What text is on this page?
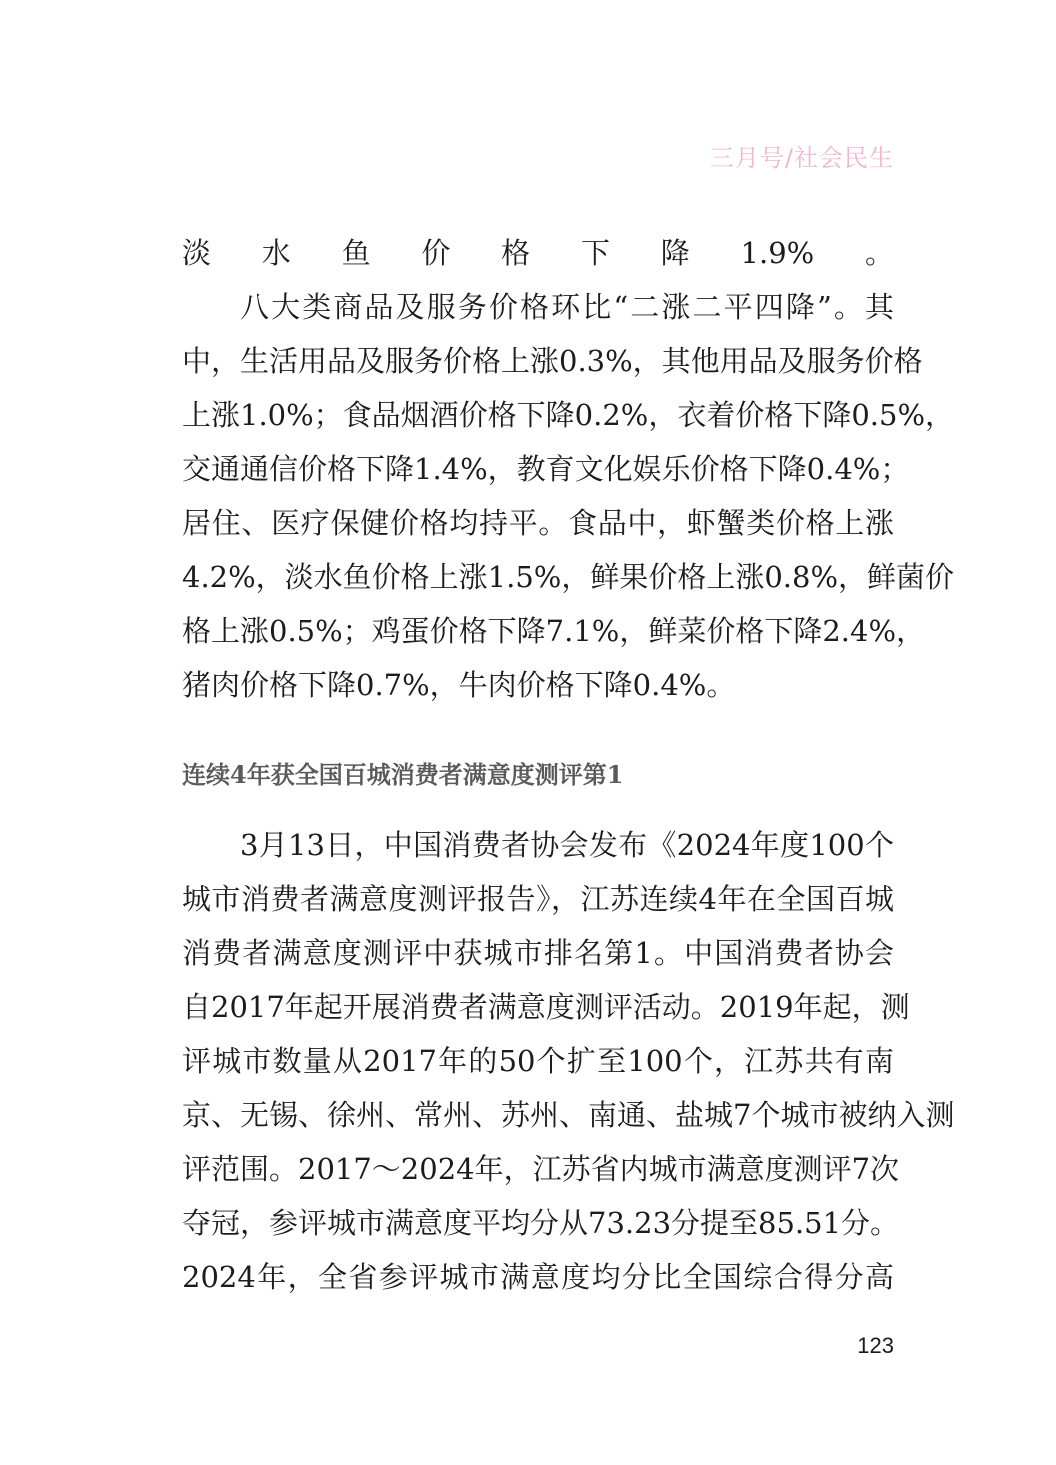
三月号/社会民生
淡水鱼价格下降1.9%。
八大类商品及服务价格环比“二涨二平四降”。其
中，生活用品及服务价格上涨0.3%，其他用品及服务价格
上涨1.0%；食品烟酒价格下降0.2%，衣着价格下降0.5%，
交通通信价格下降1.4%，教育文化娱乐价格下降0.4%；
居住、医疗保健价格均持平。食品中，虾蟹类价格上涨
4.2%，淡水鱼价格上涨1.5%，鲜果价格上涨0.8%，鲜菌价
格上涨0.5%；鸡蛋价格下降7.1%，鲜菜价格下降2.4%，
猪肉价格下降0.7%，牛肉价格下降0.4%。
连续4年获全国百城消费者满意度测评第1
3月13日，中国消费者协会发布《2024年度100个
城市消费者满意度测评报告》，江苏连续4年在全国百城
消费者满意度测评中获城市排名第1。中国消费者协会
自2017年起开展消费者满意度测评活动。2019年起，测
评城市数量从2017年的50个扩至100个，江苏共有南
京、无锡、徐州、常州、苏州、南通、盐城7个城市被纳入测
评范围。2017～2024年，江苏省内城市满意度测评7次
夺冠，参评城市满意度平均分从73.23分提至85.51分。
2024年，全省参评城市满意度均分比全国综合得分高
123
